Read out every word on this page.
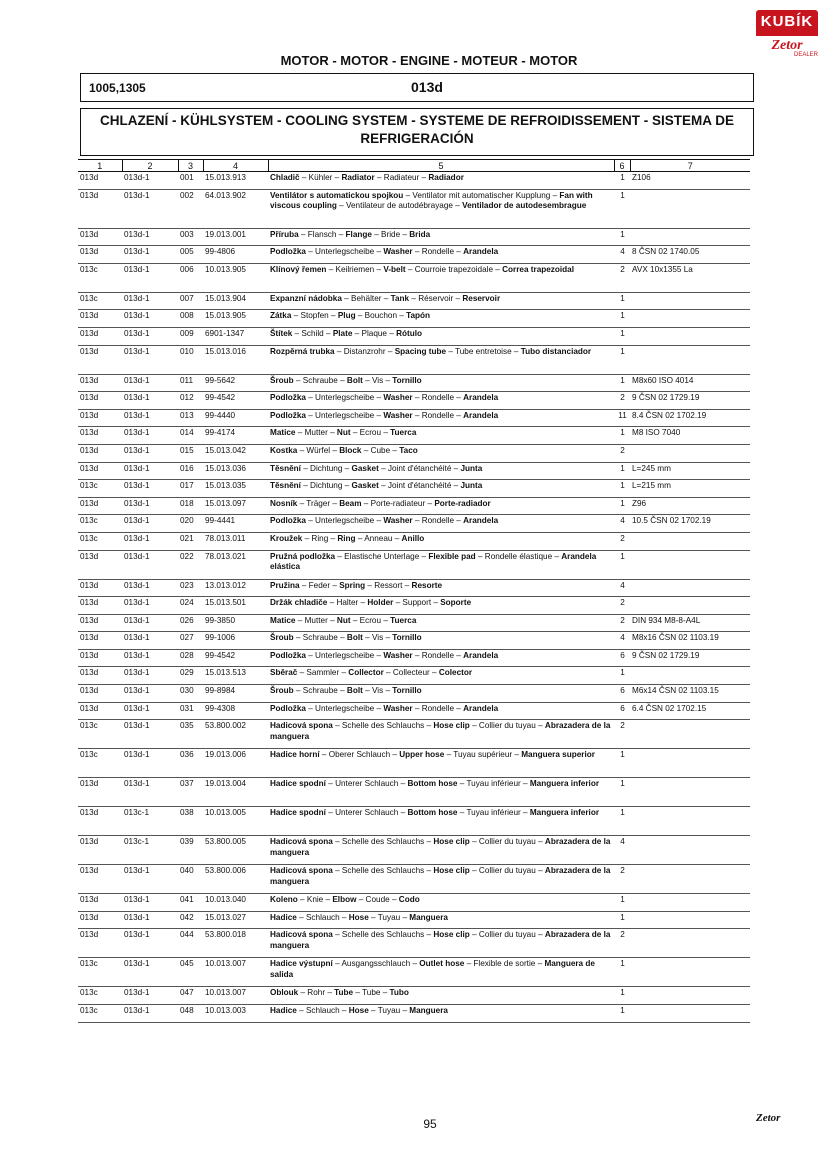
KUBÍK
Zetor
DEALER
MOTOR - MOTOR - ENGINE - MOTEUR - MOTOR
1005,1305	013d
CHLAZENÍ - KÜHLSYSTEM - COOLING SYSTEM - SYSTEME DE REFROIDISSEMENT - SISTEMA DE
REFRIGERACIÓN
1	2	3	4	5	6	7
013d	013d-1	001	15.013.913	Chladič – Kühler – Radiator – Radiateur – Radiador	1	Z106
013d	013d-1	002	64.013.902	Ventilátor s automatickou spojkou – Ventilator mit automatischer Kupplung – Fan with viscous coupling – Ventilateur de autodébrayage – Ventilador de autodesembrague	1	
013d	013d-1	003	19.013.001	Příruba – Flansch – Flange – Bride – Brida	1	
013d	013d-1	005	99-4806	Podložka – Unterlegscheibe – Washer – Rondelle – Arandela	4	8 ČSN 02 1740.05
013c	013d-1	006	10.013.905	Klínový řemen – Keilriemen – V-belt – Courroie trapezoidale – Correa trapezoidal	2	AVX 10x1355 La
013c	013d-1	007	15.013.904	Expanzní nádobka – Behälter – Tank – Réservoir – Reservoir	1	
013d	013d-1	008	15.013.905	Zátka – Stopfen – Plug – Bouchon – Tapón	1	
013d	013d-1	009	6901-1347	Štítek – Schild – Plate – Plaque – Rótulo	1	
013d	013d-1	010	15.013.016	Rozpěrná trubka – Distanzrohr – Spacing tube – Tube entretoise – Tubo distanciador	1	
013d	013d-1	011	99-5642	Šroub – Schraube – Bolt – Vis – Tornillo	1	M8x60 ISO 4014
013d	013d-1	012	99-4542	Podložka – Unterlegscheibe – Washer – Rondelle – Arandela	2	9 ČSN 02 1729.19
013d	013d-1	013	99-4440	Podložka – Unterlegscheibe – Washer – Rondelle – Arandela	11	8.4 ČSN 02 1702.19
013d	013d-1	014	99-4174	Matice – Mutter – Nut – Ecrou – Tuerca	1	M8 ISO 7040
013d	013d-1	015	15.013.042	Kostka – Würfel – Block – Cube – Taco	2	
013d	013d-1	016	15.013.036	Těsnění – Dichtung – Gasket – Joint d'étanchéité – Junta	1	L=245 mm
013c	013d-1	017	15.013.035	Těsnění – Dichtung – Gasket – Joint d'étanchéité – Junta	1	L=215 mm
013d	013d-1	018	15.013.097	Nosník – Träger – Beam – Porte-radiateur – Porte-radiador	1	Z96
013c	013d-1	020	99-4441	Podložka – Unterlegscheibe – Washer – Rondelle – Arandela	4	10.5 ČSN 02 1702.19
013c	013d-1	021	78.013.011	Kroužek – Ring – Ring – Anneau – Anillo	2	
013d	013d-1	022	78.013.021	Pružná podložka – Elastische Unterlage – Flexible pad – Rondelle élastique – Arandela elástica	1	
013d	013d-1	023	13.013.012	Pružina – Feder – Spring – Ressort – Resorte	4	
013d	013d-1	024	15.013.501	Držák chladiče – Halter – Holder – Support – Soporte	2	
013d	013d-1	026	99-3850	Matice – Mutter – Nut – Ecrou – Tuerca	2	DIN 934 M8-8-A4L
013d	013d-1	027	99-1006	Šroub – Schraube – Bolt – Vis – Tornillo	4	M8x16 ČSN 02 1103.19
013d	013d-1	028	99-4542	Podložka – Unterlegscheibe – Washer – Rondelle – Arandela	6	9 ČSN 02 1729.19
013d	013d-1	029	15.013.513	Sběrač – Sammler – Collector – Collecteur – Colector	1	
013d	013d-1	030	99-8984	Šroub – Schraube – Bolt – Vis – Tornillo	6	M6x14 ČSN 02 1103.15
013d	013d-1	031	99-4308	Podložka – Unterlegscheibe – Washer – Rondelle – Arandela	6	6.4 ČSN 02 1702.15
013c	013d-1	035	53.800.002	Hadicová spona – Schelle des Schlauchs – Hose clip – Collier du tuyau – Abrazadera de la manguera	2	
013c	013d-1	036	19.013.006	Hadice horní – Oberer Schlauch – Upper hose – Tuyau supérieur – Manguera superior	1	
013d	013d-1	037	19.013.004	Hadice spodní – Unterer Schlauch – Bottom hose – Tuyau inférieur – Manguera inferior	1	
013d	013c-1	038	10.013.005	Hadice spodní – Unterer Schlauch – Bottom hose – Tuyau inférieur – Manguera inferior	1	
013d	013c-1	039	53.800.005	Hadicová spona – Schelle des Schlauchs – Hose clip – Collier du tuyau – Abrazadera de la manguera	4	
013d	013d-1	040	53.800.006	Hadicová spona – Schelle des Schlauchs – Hose clip – Collier du tuyau – Abrazadera de la manguera	2	
013d	013d-1	041	10.013.040	Koleno – Knie – Elbow – Coude – Codo	1	
013d	013d-1	042	15.013.027	Hadice – Schlauch – Hose – Tuyau – Manguera	1	
013d	013d-1	044	53.800.018	Hadicová spona – Schelle des Schlauchs – Hose clip – Collier du tuyau – Abrazadera de la manguera	2	
013c	013d-1	045	10.013.007	Hadice výstupní – Ausgangsschlauch – Outlet hose – Flexible de sortie – Manguera de salida	1	
013c	013d-1	047	10.013.007	Oblouk – Rohr – Tube – Tube – Tubo	1	
013c	013d-1	048	10.013.003	Hadice – Schlauch – Hose – Tuyau – Manguera	1	
95	Zetor
